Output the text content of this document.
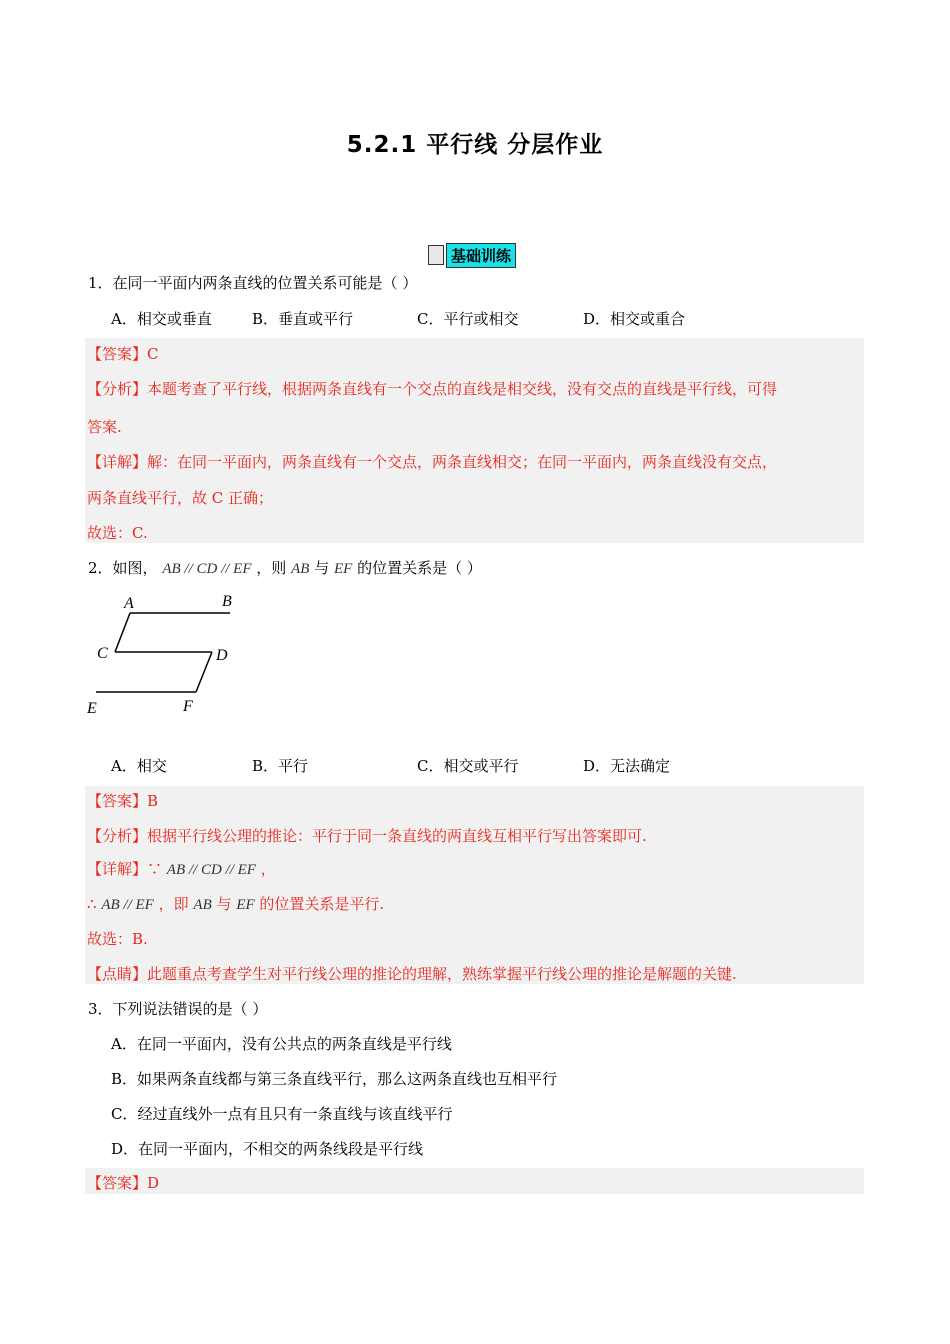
5.2.1 平行线 分层作业
基础训练
1．在同一平面内两条直线的位置关系可能是（ ）
A．相交或垂直	B．垂直或平行	C．平行或相交	D．相交或重合
【答案】C
【分析】本题考查了平行线，根据两条直线有一个交点的直线是相交线，没有交点的直线是平行线，可得
答案.
【详解】解：在同一平面内，两条直线有一个交点，两条直线相交；在同一平面内，两条直线没有交点，
两条直线平行，故 C 正确；
故选：C.
2．如图， AB // CD // EF ，则 AB 与 EF 的位置关系是（ ）
A	B
C	D
E	F
A．相交	B．平行	C．相交或平行	D．无法确定
【答案】B
【分析】根据平行线公理的推论：平行于同一条直线的两直线互相平行写出答案即可.
【详解】∵ AB // CD // EF ，
∴ AB // EF ，即 AB 与 EF 的位置关系是平行.
故选：B.
【点睛】此题重点考查学生对平行线公理的推论的理解，熟练掌握平行线公理的推论是解题的关键.
3．下列说法错误的是（ ）
A．在同一平面内，没有公共点的两条直线是平行线
B．如果两条直线都与第三条直线平行，那么这两条直线也互相平行
C．经过直线外一点有且只有一条直线与该直线平行
D．在同一平面内，不相交的两条线段是平行线
【答案】D
